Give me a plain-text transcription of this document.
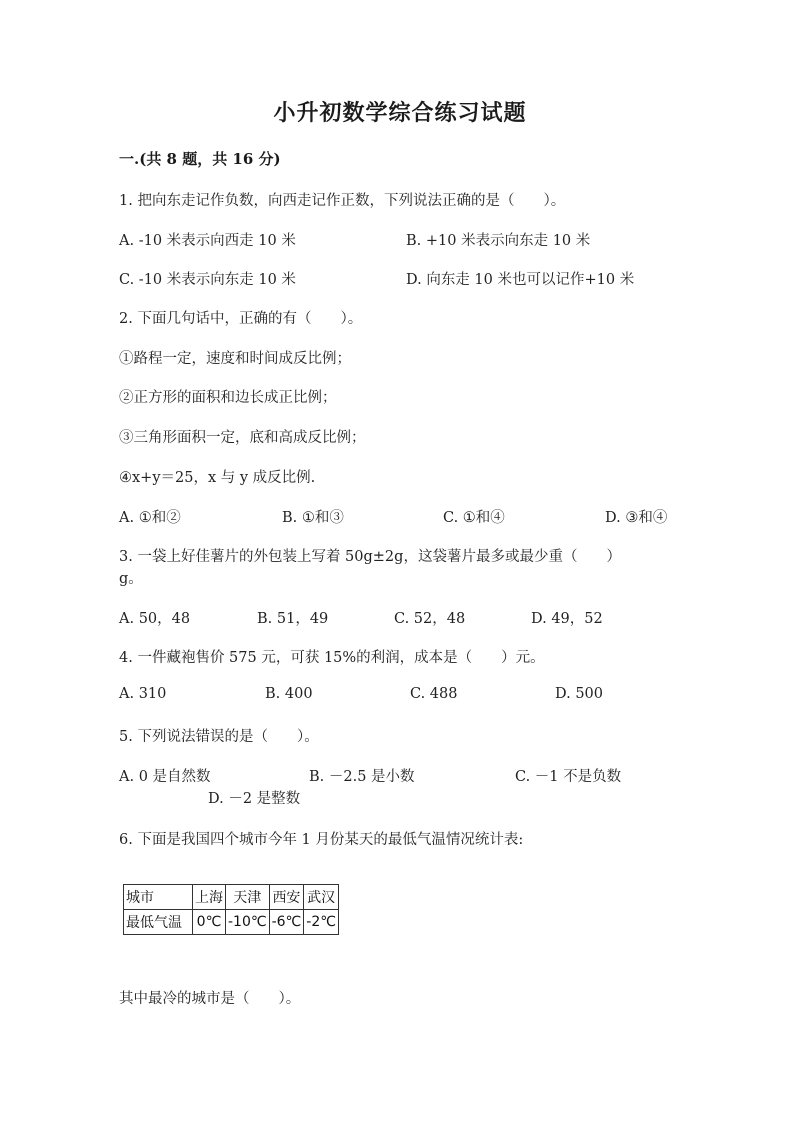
小升初数学综合练习试题
一.(共 8 题，共 16 分)
1. 把向东走记作负数，向西走记作正数，下列说法正确的是（　　）。
A. -10 米表示向西走 10 米	B. +10 米表示向东走 10 米
C. -10 米表示向东走 10 米	D. 向东走 10 米也可以记作+10 米
2. 下面几句话中，正确的有（　　）。
①路程一定，速度和时间成反比例；
②正方形的面积和边长成正比例；
③三角形面积一定，底和高成反比例；
④x+y＝25，x 与 y 成反比例.
A. ①和②	B. ①和③	C. ①和④	D. ③和④
3. 一袋上好佳薯片的外包装上写着 50g±2g，这袋薯片最多或最少重（　　）
g。
A. 50，48	B. 51，49	C. 52，48	D. 49，52
4. 一件藏袍售价 575 元，可获 15%的利润，成本是（　　）元。
A. 310	B. 400	C. 488	D. 500
5. 下列说法错误的是（　　）。
A. 0 是自然数	B. －2.5 是小数	C. －1 不是负数
D. －2 是整数
6. 下面是我国四个城市今年 1 月份某天的最低气温情况统计表:
城市	上海	天津	西安	武汉
最低气温	0℃	-10℃	-6℃	-2℃
其中最冷的城市是（　　）。
